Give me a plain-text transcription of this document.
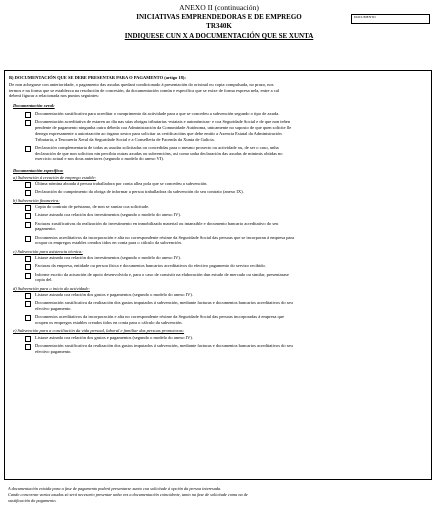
ANEXO II (continuación)
INICIATIVAS EMPRENDEDORAS E DE EMPREGO
TR340K
INDIQUESE CUN X A DOCUMENTACIÓN QUE SE XUNTA
DOCUMENTO
B) DOCUMENTACIÓN QUE SE DEBE PRESENTAR PARA O PAGAMENTO (artigo 18):
De non achegarse con anterioridade, o pagamento das axudas quedará condicionado á presentación do orixinal ou copia compulsada, no prazo, nos
termos e na forma que se establezca na resolución de concesión, da documentación común e específica que se exixe de forma expresa nela, entre a cal
deberá figurar a relacionada nos puntos seguintes:
Documentación xeral:
Documentación xustificativa para acreditar o cumprimento da actividade para a que se concedeu a subvención segundo o tipo de axuda.
Documentación acreditativa de estaren ao día nas súas obrigas tributarias -estatais e autonómicas- e coa Seguridade Social e de que non teñen
pendente de pagamento ningunha outra débeda coa Administración da Comunidade Autónoma, unicamente no suposto de que quen solicite lle
denega expresamente a autorización ao órgano xestor para solicitar as certificacións que debe emitir a Axencia Estatal da Administración
Tributaria, a Tesourería Xeral da Seguridade Social e a Consellería de Facenda da Xunta de Galicia.
Declaración complementaria de todas as axudas solicitadas ou concedidas para o mesmo proxecto ou actividade ou, de ser o caso, unha
declaración de que non solicitou nin percibiu outras axudas ou subvencións, así como unha declaración das axudas de minimis obtidas no
exercicio actual e nos dous anteriores (segundo o modelo do anexo VI).
Documentación específica:
a) Subvención á creación de emprego estable:
Última nómina aboada á persoa traballadora por conta allea pola que se concedeu a subvención.
Declaración do cumprimento da obriga de informar a persoa traballadora da subvención do seu contrato (anexo IX).
b) Subvención financeira:
Copia do contrato de préstamo, de non se xuntar coa solicitude.
Listaxe asinada coa relación dos investimentos (segundo o modelo do anexo IV).
Facturas xustificativas da realización do investimento en inmobilizado material ou intanxible e documento bancario acreditativo do seu
pagamento.
Documentos acreditativos da incorporación e alta no correspondente réxime da Seguridade Social das persoas que se incorporan á empresa para
ocupar os empregos estables creados tidos en conta para o cálculo da subvención.
c) Subvención para asistencia técnica:
Listaxe asinada coa relación dos investimentos (segundo o modelo do anexo IV).
Facturas da empresa, entidade ou persoa física e documentos bancarios acreditativos do efectivo pagamento do servizo recibido.
Informe escrito da actuación de apoio desenvolvida e, para o caso de consistir na elaboración dun estudo de mercado ou similar, presentarase
copia del.
d) Subvención para o inicio da actividade:
Listaxe asinada coa relación dos gastos e pagamentos (segundo o modelo do anexo IV).
Documentación xustificativa da realización dos gastos imputados á subvención, mediante facturas e documentos bancarios acreditativos do seu
efectivo pagamento.
Documentos acreditativos da incorporación e alta no correspondente réxime da Seguridade Social das persoas incorporadas á empresa que
ocupen os empregos estables creados tidos en conta para o cálculo da subvención.
e) Subvención para a conciliación da vida persoal, laboral e familiar das persoas promotoras:
Listaxe asinada coa relación dos gastos e pagamentos (segundo o modelo do anexo IV).
Documentación xustificativa da realización dos gastos imputados á subvención, mediante facturas e documentos bancarios acreditativos do seu
efectivo pagamento.
A documentación exixida para a fase de pagamento poderá presentarse xunto coa solicitude á opción da persoa interesada.
Cando concorran varias axudas só será necesario presentar unha vez a documentación coincidente, tanto na fase de solicitude coma na de
xustificación do pagamento.
